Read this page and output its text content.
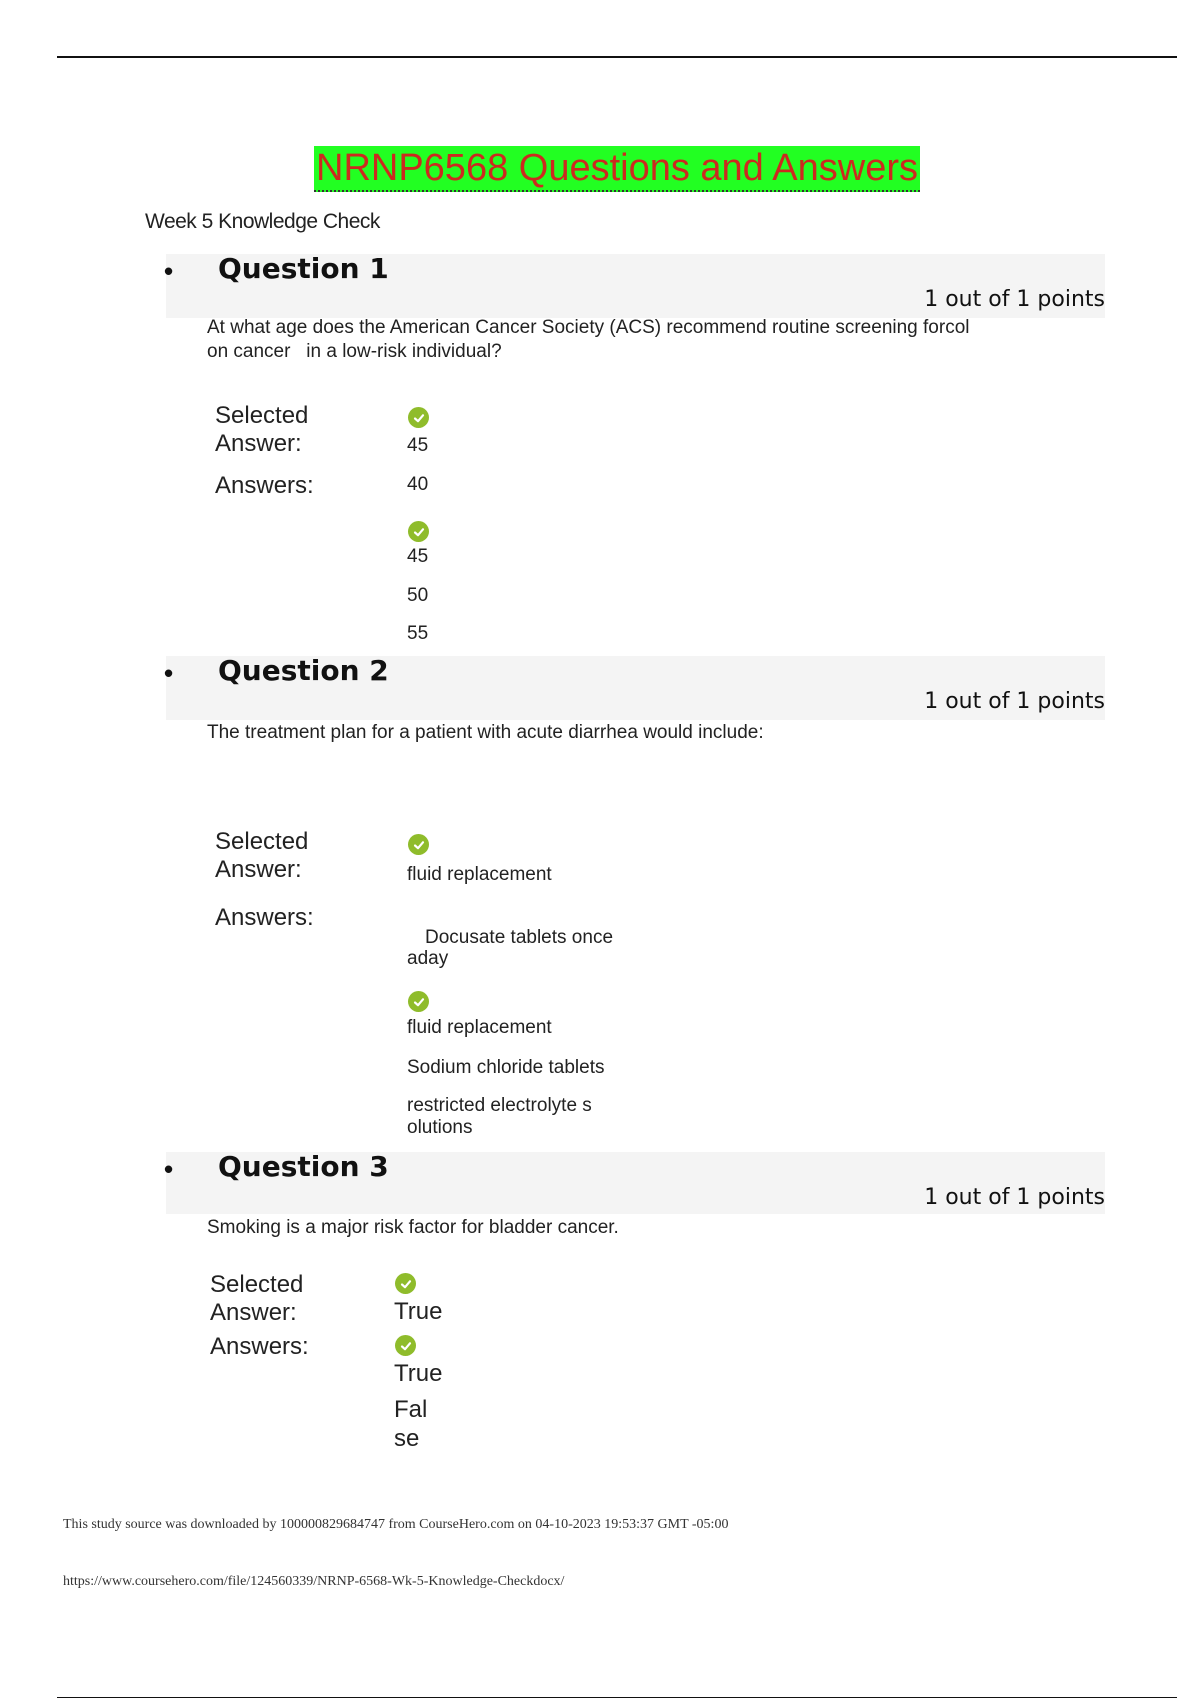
NRNP6568 Questions and Answers
Week 5 Knowledge Check
• Question 1
1 out of 1 points
At what age does the American Cancer Society (ACS) recommend routine screening forcol
on cancer   in a low-risk individual?
Selected
Answer:	45
Answers:	40
45
50
55
• Question 2
1 out of 1 points
The treatment plan for a patient with acute diarrhea would include:
Selected
Answer:	fluid replacement
Answers:
Docusate tablets once
aday
fluid replacement
Sodium chloride tablets
restricted electrolyte s
olutions
• Question 3
1 out of 1 points
Smoking is a major risk factor for bladder cancer.
Selected
Answer:	True
Answers:
True
Fal
se
This study source was downloaded by 100000829684747 from CourseHero.com on 04-10-2023 19:53:37 GMT -05:00
https://www.coursehero.com/file/124560339/NRNP-6568-Wk-5-Knowledge-Checkdocx/
